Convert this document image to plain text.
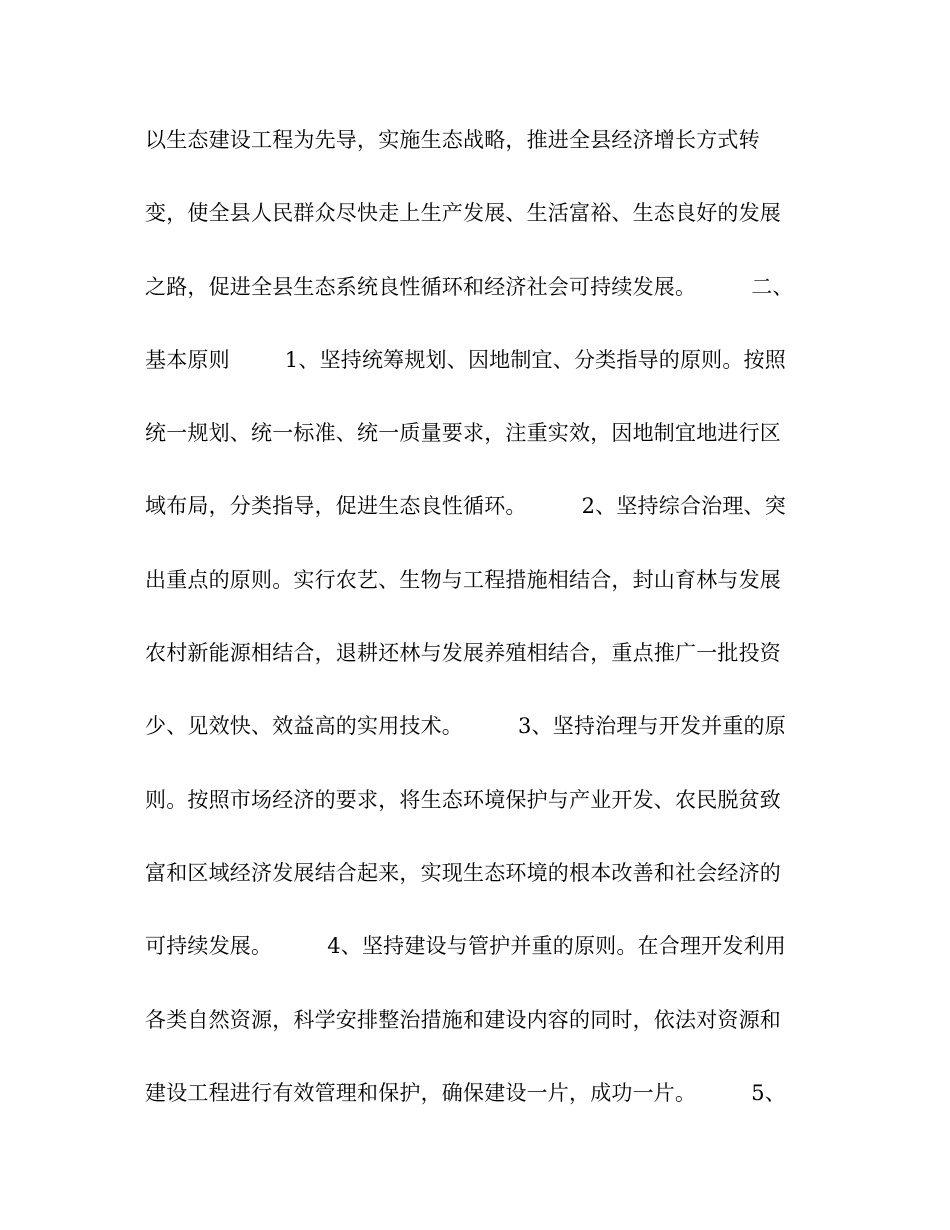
以生态建设工程为先导，实施生态战略，推进全县经济增长方式转
变，使全县人民群众尽快走上生产发展、生活富裕、生态良好的发展
之路，促进全县生态系统良性循环和经济社会可持续发展。        二、
基本原则        1、坚持统筹规划、因地制宜、分类指导的原则。按照
统一规划、统一标准、统一质量要求，注重实效，因地制宜地进行区
域布局，分类指导，促进生态良性循环。        2、坚持综合治理、突
出重点的原则。实行农艺、生物与工程措施相结合，封山育林与发展
农村新能源相结合，退耕还林与发展养殖相结合，重点推广一批投资
少、见效快、效益高的实用技术。        3、坚持治理与开发并重的原
则。按照市场经济的要求，将生态环境保护与产业开发、农民脱贫致
富和区域经济发展结合起来，实现生态环境的根本改善和社会经济的
可持续发展。        4、坚持建设与管护并重的原则。在合理开发利用
各类自然资源，科学安排整治措施和建设内容的同时，依法对资源和
建设工程进行有效管理和保护，确保建设一片，成功一片。        5、
